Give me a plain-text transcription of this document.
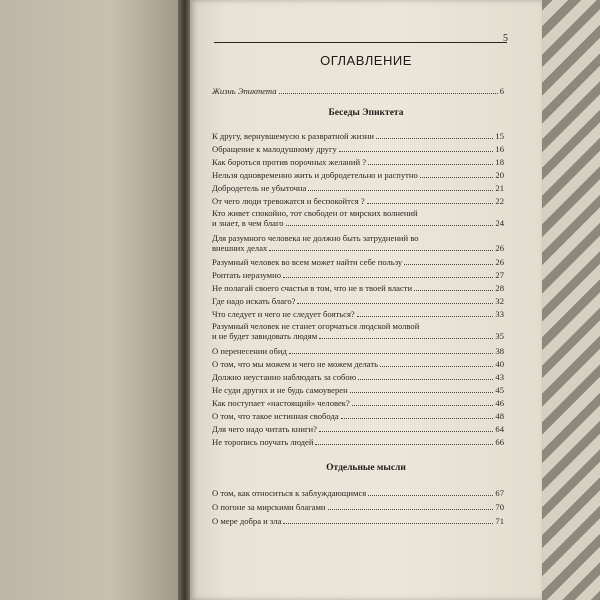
5
ОГЛАВЛЕНИЕ
Жизнь Эпиктета	6
Беседы Эпиктета
К другу, вернувшемусю к развратной жизни	15
Обращение к малодушному другу	16
Как бороться против порочных желаний ?	18
Нельзя одновременно жить и добродетельно и распутно	20
Добродетель не убыточна	21
От чего люди тревожатся и беспокойтся ?	22
Кто живет спокойно, тот свободен от мирских волнений
и знает, в чем благо	24
Для разумного человека не должно быть затруднений во
внешних делах	26
Разумный человек во всем может найти себе пользу	26
Роптать неразумно	27
Не полагай своего счастья в том, что не в твоей власти	28
Где надо искать благо?	32
Что следует и чего не следует бояться?	33
Разумный человек не станет огорчаться людской молвой
и не будет завидовать людям	35
О перенесении обид	38
О том, что мы можем и чего не можем делать	40
Должно неустанно наблюдать за собою	43
Не суди других и не будь самоуверен	45
Как поступает «настоящий» человек?	46
О том, что такое истинная свобода	48
Для чего надо читать книги?	64
Не торопись поучать людей	66
Отдельные мысли
О том, как относиться к заблуждающимся	67
О погоне за мирскими благами	70
О мере добра и зла	71
